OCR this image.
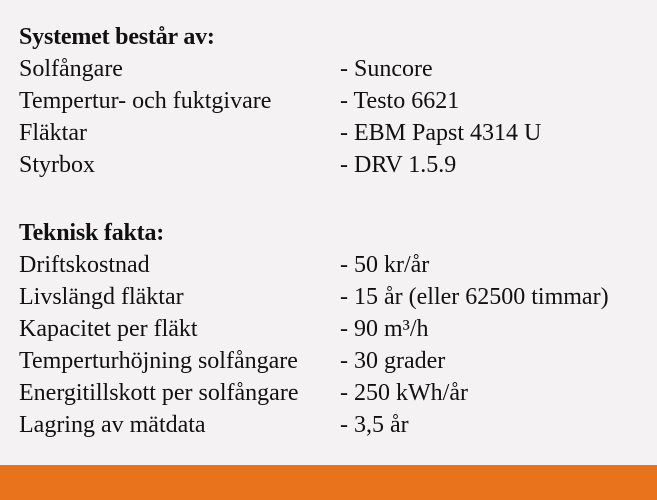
Systemet består av:
Solfångare	- Suncore
Tempertur- och fuktgivare	- Testo 6621
Fläktar	- EBM Papst 4314 U
Styrbox	- DRV 1.5.9
Teknisk fakta:
Driftskostnad	- 50 kr/år
Livslängd fläktar	- 15 år (eller 62500 timmar)
Kapacitet per fläkt	- 90 m³/h
Temperturhöjning solfångare	- 30 grader
Energitillskott per solfångare	- 250 kWh/år
Lagring av mätdata	- 3,5 år
